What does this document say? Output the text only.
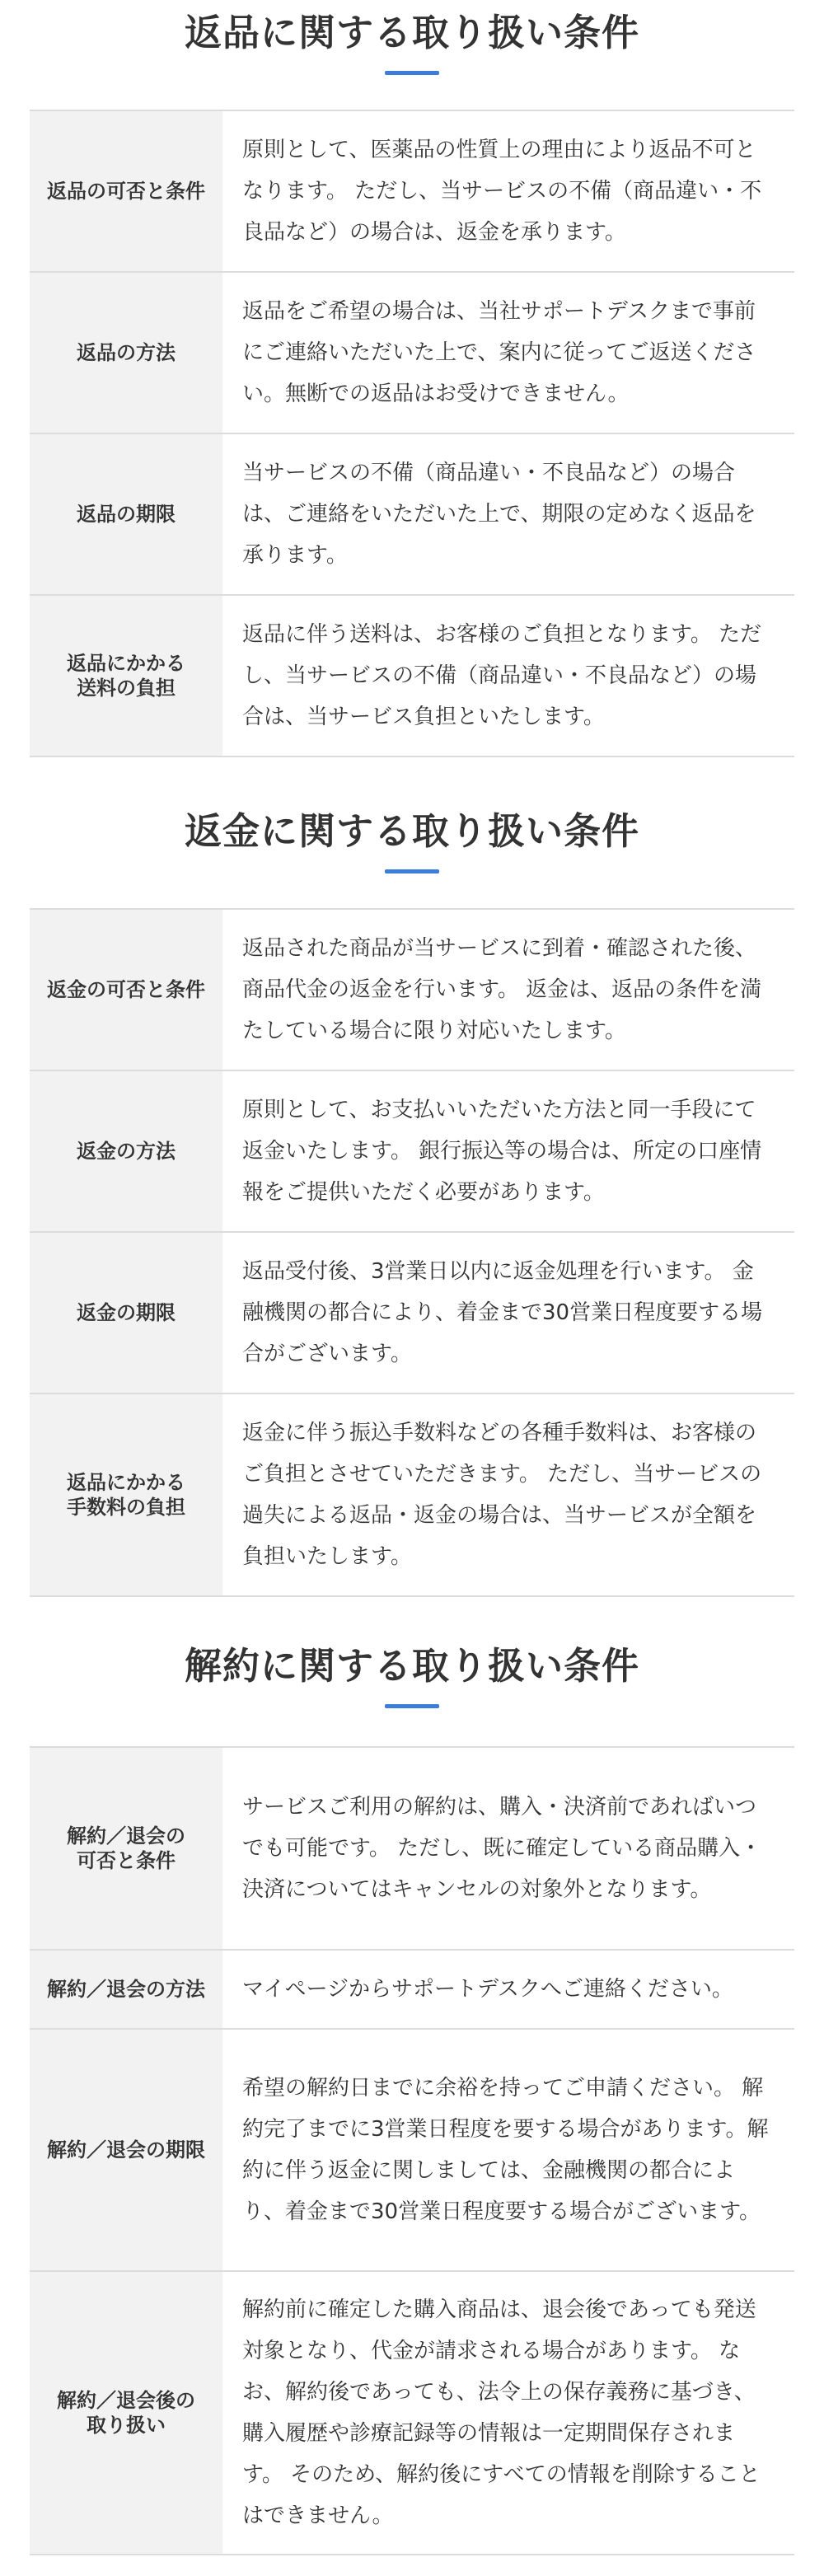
返品に関する取り扱い条件
返品の可否と条件	原則として、医薬品の性質上の理由により返品不可となります。 ただし、当サービスの不備（商品違い・不良品など）の場合は、返金を承ります。
返品の方法	返品をご希望の場合は、当社サポートデスクまで事前にご連絡いただいた上で、案内に従ってご返送ください。無断での返品はお受けできません。
返品の期限	当サービスの不備（商品違い・不良品など）の場合は、ご連絡をいただいた上で、期限の定めなく返品を承ります。
返品にかかる
送料の負担	返品に伴う送料は、お客様のご負担となります。 ただし、当サービスの不備（商品違い・不良品など）の場合は、当サービス負担といたします。
返金に関する取り扱い条件
返金の可否と条件	返品された商品が当サービスに到着・確認された後、商品代金の返金を行います。 返金は、返品の条件を満たしている場合に限り対応いたします。
返金の方法	原則として、お支払いいただいた方法と同一手段にて返金いたします。 銀行振込等の場合は、所定の口座情報をご提供いただく必要があります。
返金の期限	返品受付後、3営業日以内に返金処理を行います。 金融機関の都合により、着金まで30営業日程度要する場合がございます。
返品にかかる
手数料の負担	返金に伴う振込手数料などの各種手数料は、お客様のご負担とさせていただきます。 ただし、当サービスの過失による返品・返金の場合は、当サービスが全額を負担いたします。
解約に関する取り扱い条件
解約／退会の
可否と条件	サービスご利用の解約は、購入・決済前であればいつでも可能です。 ただし、既に確定している商品購入・決済についてはキャンセルの対象外となります。
解約／退会の方法	マイページからサポートデスクへご連絡ください。
解約／退会の期限	希望の解約日までに余裕を持ってご申請ください。 解約完了までに3営業日程度を要する場合があります。解約に伴う返金に関しましては、金融機関の都合により、着金まで30営業日程度要する場合がございます。
解約／退会後の
取り扱い	解約前に確定した購入商品は、退会後であっても発送対象となり、代金が請求される場合があります。 なお、解約後であっても、法令上の保存義務に基づき、購入履歴や診療記録等の情報は一定期間保存されます。 そのため、解約後にすべての情報を削除することはできません。
